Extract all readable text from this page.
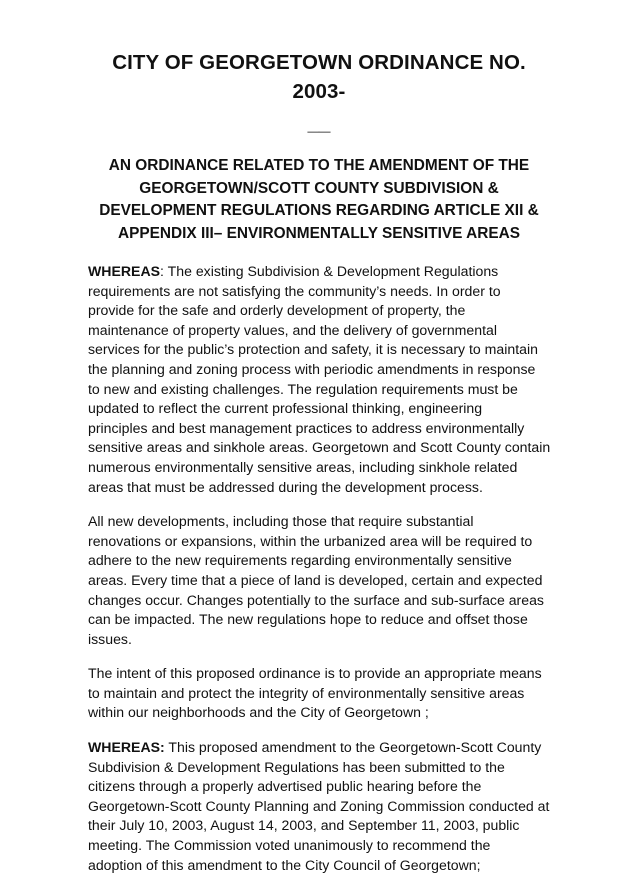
CITY OF GEORGETOWN ORDINANCE NO. 2003-
__
AN ORDINANCE RELATED TO THE AMENDMENT OF THE
GEORGETOWN/SCOTT COUNTY SUBDIVISION &
DEVELOPMENT REGULATIONS REGARDING ARTICLE XII &
APPENDIX III– ENVIRONMENTALLY SENSITIVE AREAS

WHEREAS: The existing Subdivision & Development Regulations
requirements are not satisfying the community’s needs. In order to
provide for the safe and orderly development of property, the
maintenance of property values, and the delivery of governmental
services for the public’s protection and safety, it is necessary to maintain
the planning and zoning process with periodic amendments in response
to new and existing challenges. The regulation requirements must be
updated to reflect the current professional thinking, engineering
principles and best management practices to address environmentally
sensitive areas and sinkhole areas. Georgetown and Scott County contain
numerous environmentally sensitive areas, including sinkhole related
areas that must be addressed during the development process.

All new developments, including those that require substantial
renovations or expansions, within the urbanized area will be required to
adhere to the new requirements regarding environmentally sensitive
areas. Every time that a piece of land is developed, certain and expected
changes occur. Changes potentially to the surface and sub-surface areas
can be impacted. The new regulations hope to reduce and offset those
issues.

The intent of this proposed ordinance is to provide an appropriate means
to maintain and protect the integrity of environmentally sensitive areas
within our neighborhoods and the City of Georgetown ;

WHEREAS: This proposed amendment to the Georgetown-Scott County
Subdivision & Development Regulations has been submitted to the
citizens through a properly advertised public hearing before the
Georgetown-Scott County Planning and Zoning Commission conducted at
their July 10, 2003, August 14, 2003, and September 11, 2003, public
meeting. The Commission voted unanimously to recommend the
adoption of this amendment to the City Council of Georgetown;
